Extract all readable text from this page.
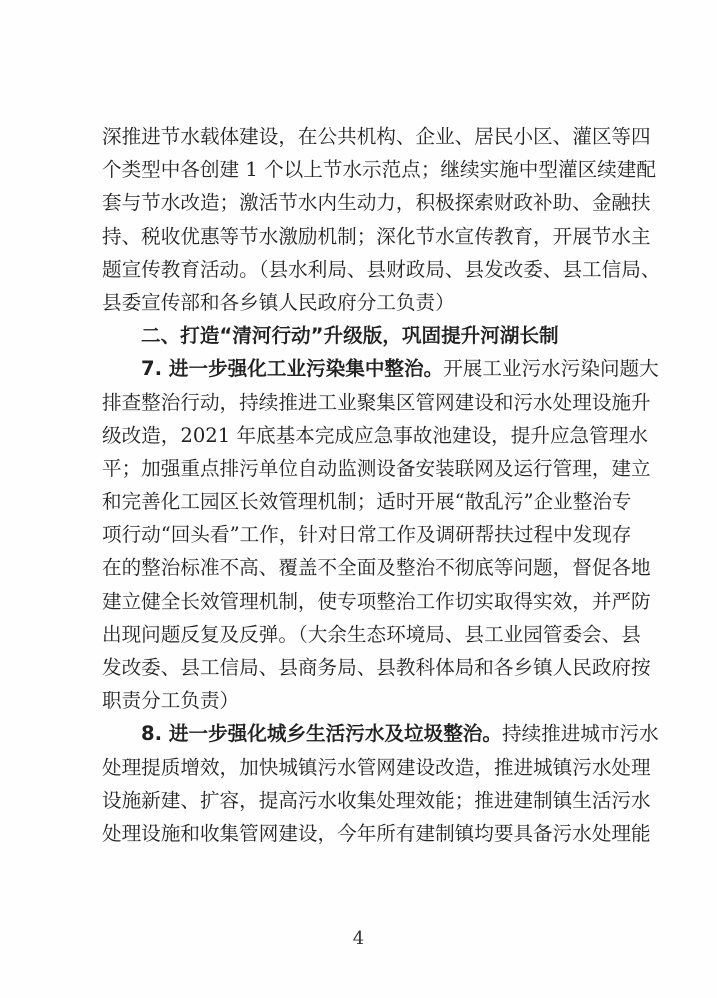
深推进节水载体建设，在公共机构、企业、居民小区、灌区等四
个类型中各创建 1 个以上节水示范点；继续实施中型灌区续建配
套与节水改造；激活节水内生动力，积极探索财政补助、金融扶
持、税收优惠等节水激励机制；深化节水宣传教育，开展节水主
题宣传教育活动。（县水利局、县财政局、县发改委、县工信局、
县委宣传部和各乡镇人民政府分工负责）
二、打造“清河行动”升级版，巩固提升河湖长制
7. 进一步强化工业污染集中整治。开展工业污水污染问题大
排查整治行动，持续推进工业聚集区管网建设和污水处理设施升
级改造，2021 年底基本完成应急事故池建设，提升应急管理水
平；加强重点排污单位自动监测设备安装联网及运行管理，建立
和完善化工园区长效管理机制；适时开展“散乱污”企业整治专
项行动“回头看”工作，针对日常工作及调研帮扶过程中发现存
在的整治标准不高、覆盖不全面及整治不彻底等问题，督促各地
建立健全长效管理机制，使专项整治工作切实取得实效，并严防
出现问题反复及反弹。（大余生态环境局、县工业园管委会、县
发改委、县工信局、县商务局、县教科体局和各乡镇人民政府按
职责分工负责）
8. 进一步强化城乡生活污水及垃圾整治。持续推进城市污水
处理提质增效，加快城镇污水管网建设改造，推进城镇污水处理
设施新建、扩容，提高污水收集处理效能；推进建制镇生活污水
处理设施和收集管网建设，今年所有建制镇均要具备污水处理能
4
